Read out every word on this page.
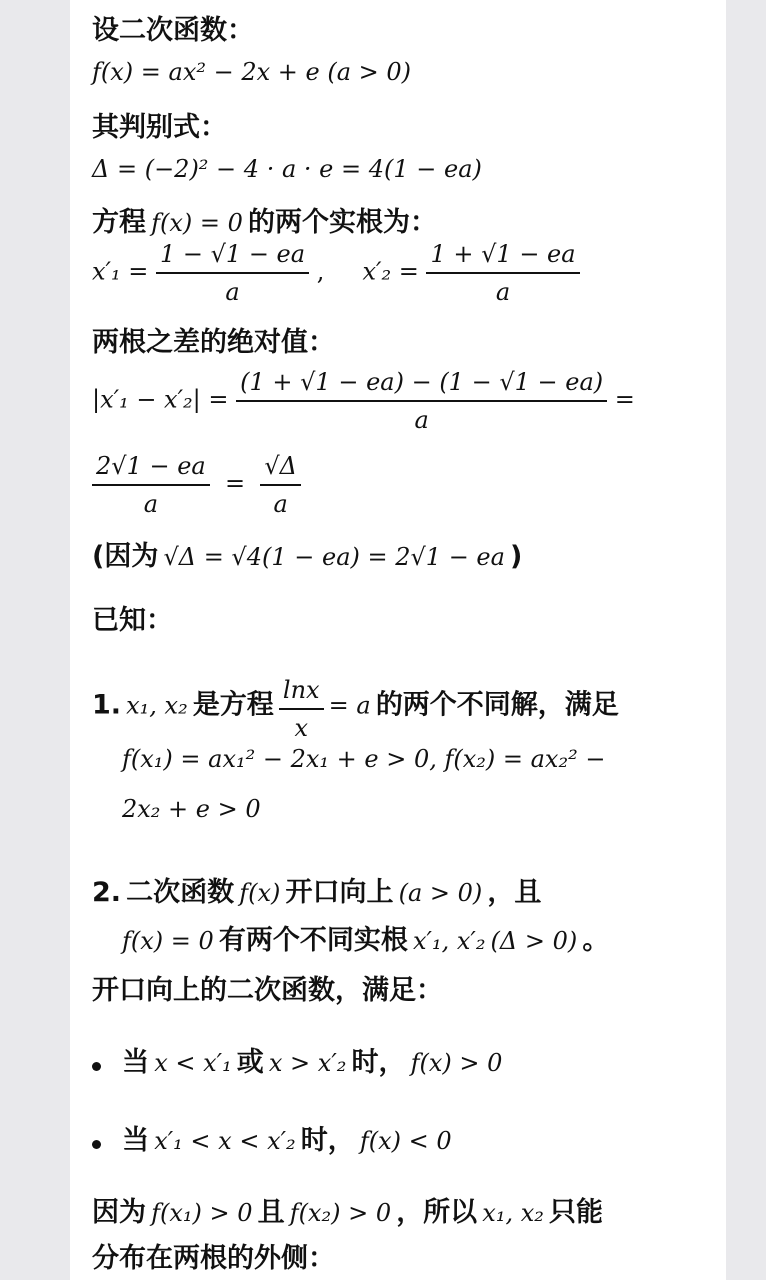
设二次函数：
f(x) = ax² − 2x + e (a > 0)
其判别式：
Δ = (−2)² − 4 · a · e = 4(1 − ea)
方程 f(x) = 0 的两个实根为：
$x'_1 = \frac{1 - √1 - ea}{a}$ ,     $x'_2 = \frac{1 + √1 - ea}{a}$
两根之差的绝对值：
$|x'_1 - x'_2| = \frac{(1 + √1 - ea) - (1 - √1 - ea)}{a}$ =
$\frac{2√1 - ea}{a} = \frac{√\Delta}{a}$
(因为 √Δ = √4(1 − ea) = 2√1 − ea )
已知：
1. x₁, x₂ 是方程 $\frac{\ln x}{x} = a$ 的两个不同解，满足
f(x₁) = ax₁² − 2x₁ + e > 0, f(x₂) = ax₂² −
2x₂ + e > 0
2. 二次函数 f(x) 开口向上 (a > 0) ，且
f(x) = 0 有两个不同实根 x′₁, x′₂ (Δ > 0) 。
开口向上的二次函数，满足：
当 x < x′₁ 或 x > x′₂ 时， f(x) > 0
当 x′₁ < x < x′₂ 时， f(x) < 0
因为 f(x₁) > 0 且 f(x₂) > 0 ，所以 x₁, x₂ 只能
分布在两根的外侧：
